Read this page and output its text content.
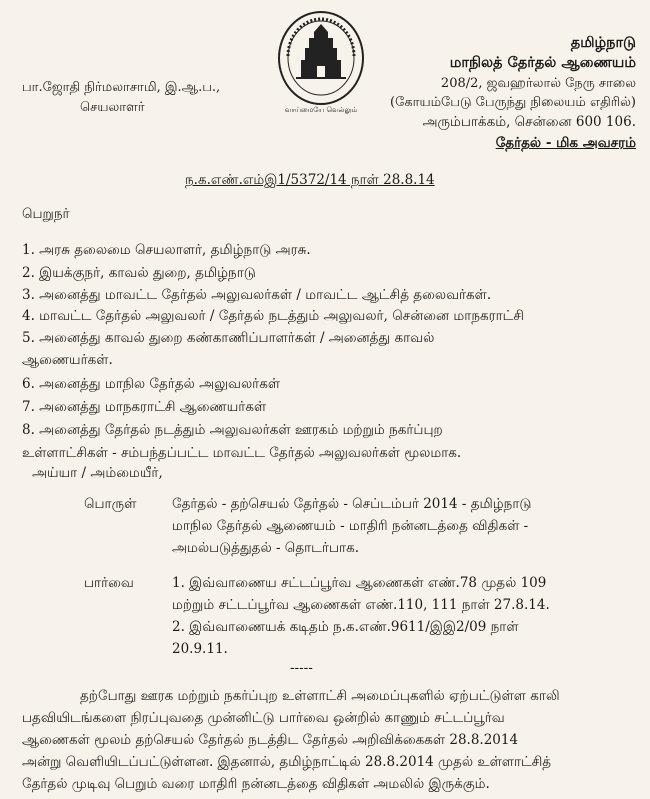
தமிழ்நாடு
மாநிலத் தேர்தல் ஆணையம்
208/2, ஜவஹர்லால் நேரு சாலை
(கோயம்பேடு பேருந்து நிலையம் எதிரில்)
அரும்பாக்கம், சென்னை 600 106.
தேர்தல் - மிக அவசரம்
பா.ஜோதி நிர்மலாசாமி, இ.ஆ.ப.,
செயலாளர்	வாய்மையே வெல்லும்
ந.க.எண்.எம்இ1/5372/14 நாள் 28.8.14
பெறுநர்
1. அரசு தலைமை செயலாளர், தமிழ்நாடு அரசு.
2. இயக்குநர், காவல் துறை, தமிழ்நாடு
3. அனைத்து மாவட்ட தேர்தல் அலுவலர்கள் / மாவட்ட ஆட்சித் தலைவர்கள்.
4. மாவட்ட தேர்தல் அலுவலர் / தேர்தல் நடத்தும் அலுவலர், சென்னை மாநகராட்சி
5. அனைத்து காவல் துறை கண்காணிப்பாளர்கள் / அனைத்து காவல்
ஆணையர்கள்.
6. அனைத்து மாநில தேர்தல் அலுவலர்கள்
7. அனைத்து மாநகராட்சி ஆணையர்கள்
8. அனைத்து தேர்தல் நடத்தும் அலுவலர்கள் ஊரகம் மற்றும் நகர்ப்புற
உள்ளாட்சிகள் - சம்பந்தப்பட்ட மாவட்ட தேர்தல் அலுவலர்கள் மூலமாக.
அய்யா / அம்மையீர்,
பொருள்	தேர்தல் - தற்செயல் தேர்தல் - செப்டம்பர் 2014 - தமிழ்நாடு
மாநில தேர்தல் ஆணையம் - மாதிரி நன்னடத்தை விதிகள் -
அமல்படுத்துதல் - தொடர்பாக.
பார்வை	1. இவ்வாணைய சட்டப்பூர்வ ஆணைகள் எண்.78 முதல் 109
மற்றும் சட்டப்பூர்வ ஆணைகள் எண்.110, 111 நாள் 27.8.14.
2. இவ்வாணையக் கடிதம் ந.க.எண்.9611/இஇ2/09 நாள்
20.9.11.
-----
தற்போது ஊரக மற்றும் நகர்ப்புற உள்ளாட்சி அமைப்புகளில் ஏற்பட்டுள்ள காலி
பதவியிடங்களை நிரப்புவதை முன்னிட்டு பார்வை ஒன்றில் காணும் சட்டப்பூர்வ
ஆணைகள் மூலம் தற்செயல் தேர்தல் நடத்திட தேர்தல் அறிவிக்கைகள் 28.8.2014
அன்று வெளியிடப்பட்டுள்ளன. இதனால், தமிழ்நாட்டில் 28.8.2014 முதல் உள்ளாட்சித்
தேர்தல் முடிவு பெறும் வரை மாதிரி நன்னடத்தை விதிகள் அமலில் இருக்கும்.
